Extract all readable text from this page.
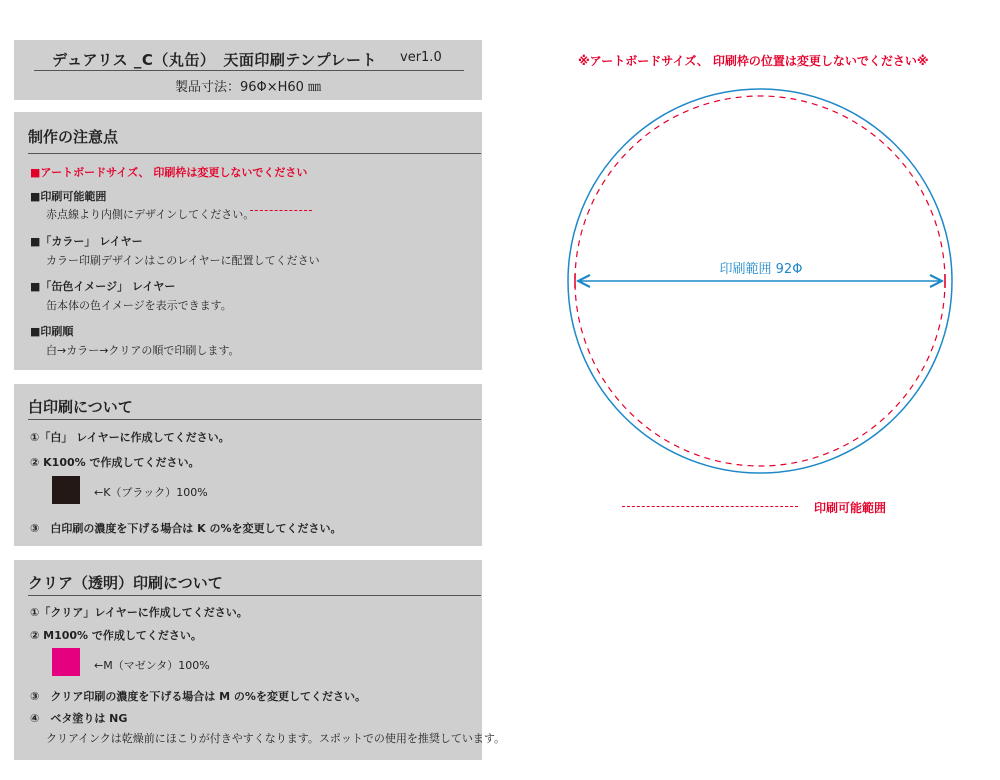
デュアリス _C（丸缶）　天面印刷テンプレート ver1.0
製品寸法：96Φ×H60 ㎜
制作の注意点
■アートボードサイズ、 印刷枠は変更しないでください
■印刷可能範囲
赤点線より内側にデザインしてください。
■「カラー」 レイヤー
カラー印刷デザインはこのレイヤーに配置してください
■「缶色イメージ」 レイヤー
缶本体の色イメージを表示できます。
■印刷順
白→カラー→クリアの順で印刷します。
白印刷について
①「白」 レイヤーに作成してください。
② K100% で作成してください。
←K（ブラック）100%
③　白印刷の濃度を下げる場合は K の%を変更してください。
クリア（透明）印刷について
①「クリア」レイヤーに作成してください。
② M100% で作成してください。
←M（マゼンタ）100%
③　クリア印刷の濃度を下げる場合は M の%を変更してください。
④　ベタ塗りは NG
クリアインクは乾燥前にほこりが付きやすくなります。スポットでの使用を推奨しています。
※アートボードサイズ、 印刷枠の位置は変更しないでください※
印刷範囲 92Φ
印刷可能範囲
